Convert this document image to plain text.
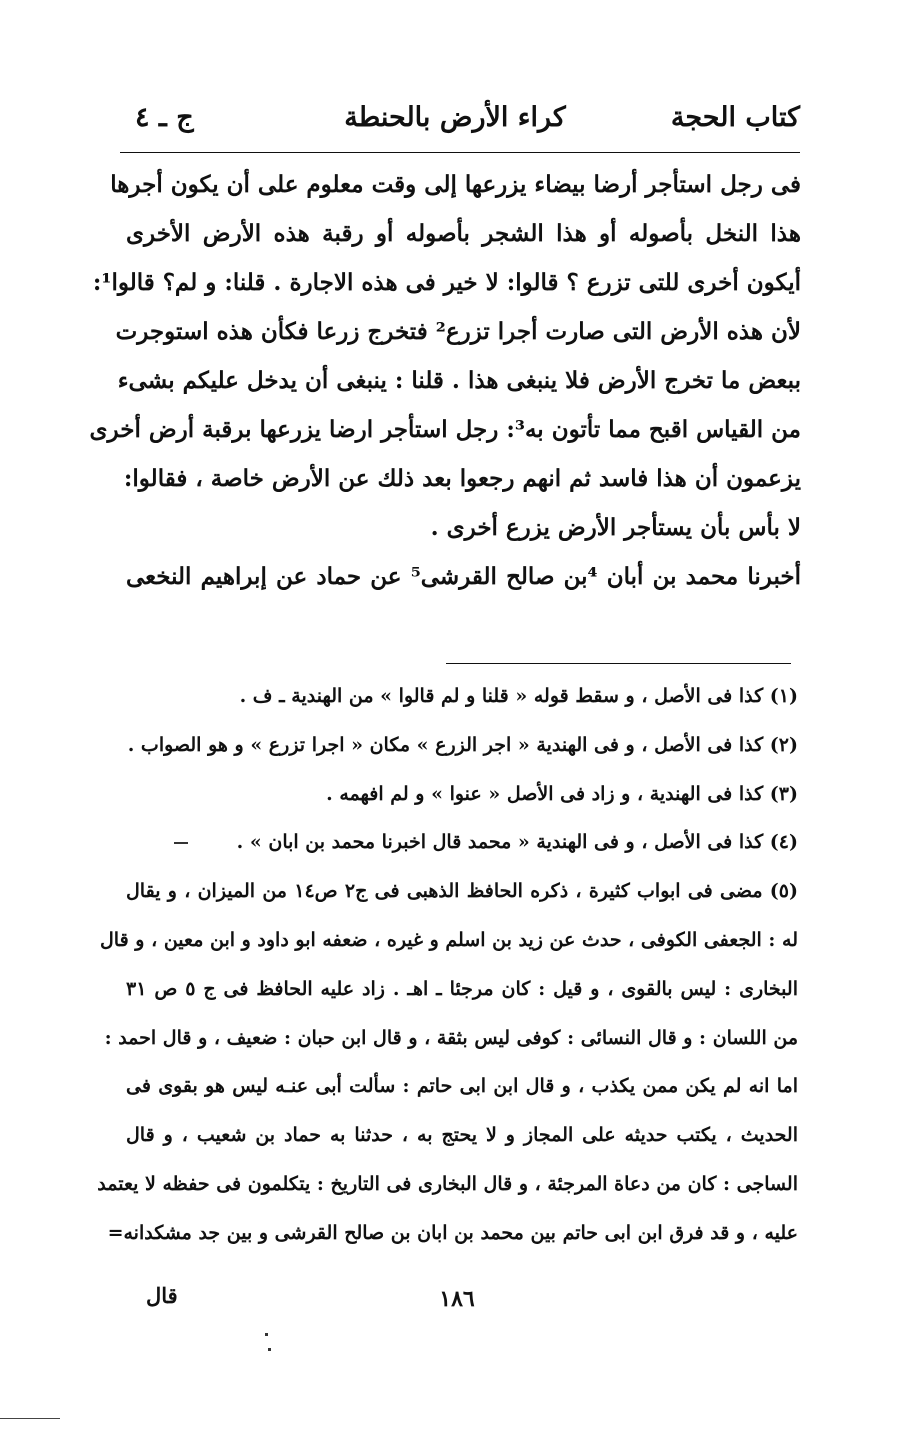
كتاب الحجة
كراء الأرض بالحنطة
ج ـ ٤
فى رجل استأجر أرضا بيضاء يزرعها إلى وقت معلوم على أن يكون أجرها
هذا النخل بأصوله أو هذا الشجر بأصوله أو رقبة هذه الأرض الأخرى
أيكون أخرى للتى تزرع ؟ قالوا: لا خير فى هذه الاجارة . قلنا: و لم؟ قالوا¹:
لأن هذه الأرض التى صارت أجرا تزرع² فتخرج زرعا فكأن هذه استوجرت
ببعض ما تخرج الأرض فلا ينبغى هذا . قلنا : ينبغى أن يدخل عليكم بشىء
من القياس اقبح مما تأتون به³: رجل استأجر ارضا يزرعها برقبة أرض أخرى
يزعمون أن هذا فاسد ثم انهم رجعوا بعد ذلك عن الأرض خاصة ، فقالوا:
لا بأس بأن يستأجر الأرض يزرع أخرى .
أخبرنا محمد بن أبان ⁴بن صالح القرشى⁵ عن حماد عن إبراهيم النخعى
(١) كذا فى الأصل ، و سقط قوله « قلنا و لم قالوا » من الهندية ـ ف .
(٢) كذا فى الأصل ، و فى الهندية « اجر الزرع » مكان « اجرا تزرع » و هو الصواب .
(٣) كذا فى الهندية ، و زاد فى الأصل « عنوا » و لم افهمه .
(٤) كذا فى الأصل ، و فى الهندية « محمد قال اخبرنا محمد بن ابان » .
(٥) مضى فى ابواب كثيرة ، ذكره الحافظ الذهبى فى ج٢ ص١٤ من الميزان ، و يقال
له : الجعفى الكوفى ، حدث عن زيد بن اسلم و غيره ، ضعفه ابو داود و ابن معين ، و قال
البخارى : ليس بالقوى ، و قيل : كان مرجئا ـ اهـ . زاد عليه الحافظ فى ج ٥ ص ٣١
من اللسان : و قال النسائى : كوفى ليس بثقة ، و قال ابن حبان : ضعيف ، و قال احمد :
اما انه لم يكن ممن يكذب ، و قال ابن ابى حاتم : سألت أبى عنـه ليس هو بقوى فى
الحديث ، يكتب حديثه على المجاز و لا يحتج به ، حدثنا به حماد بن شعيب ، و قال
الساجى : كان من دعاة المرجئة ، و قال البخارى فى التاريخ : يتكلمون فى حفظه لا يعتمد
عليه ، و قد فرق ابن ابى حاتم بين محمد بن ابان بن صالح القرشى و بين جد مشكدانه=
قال	١٨٦
